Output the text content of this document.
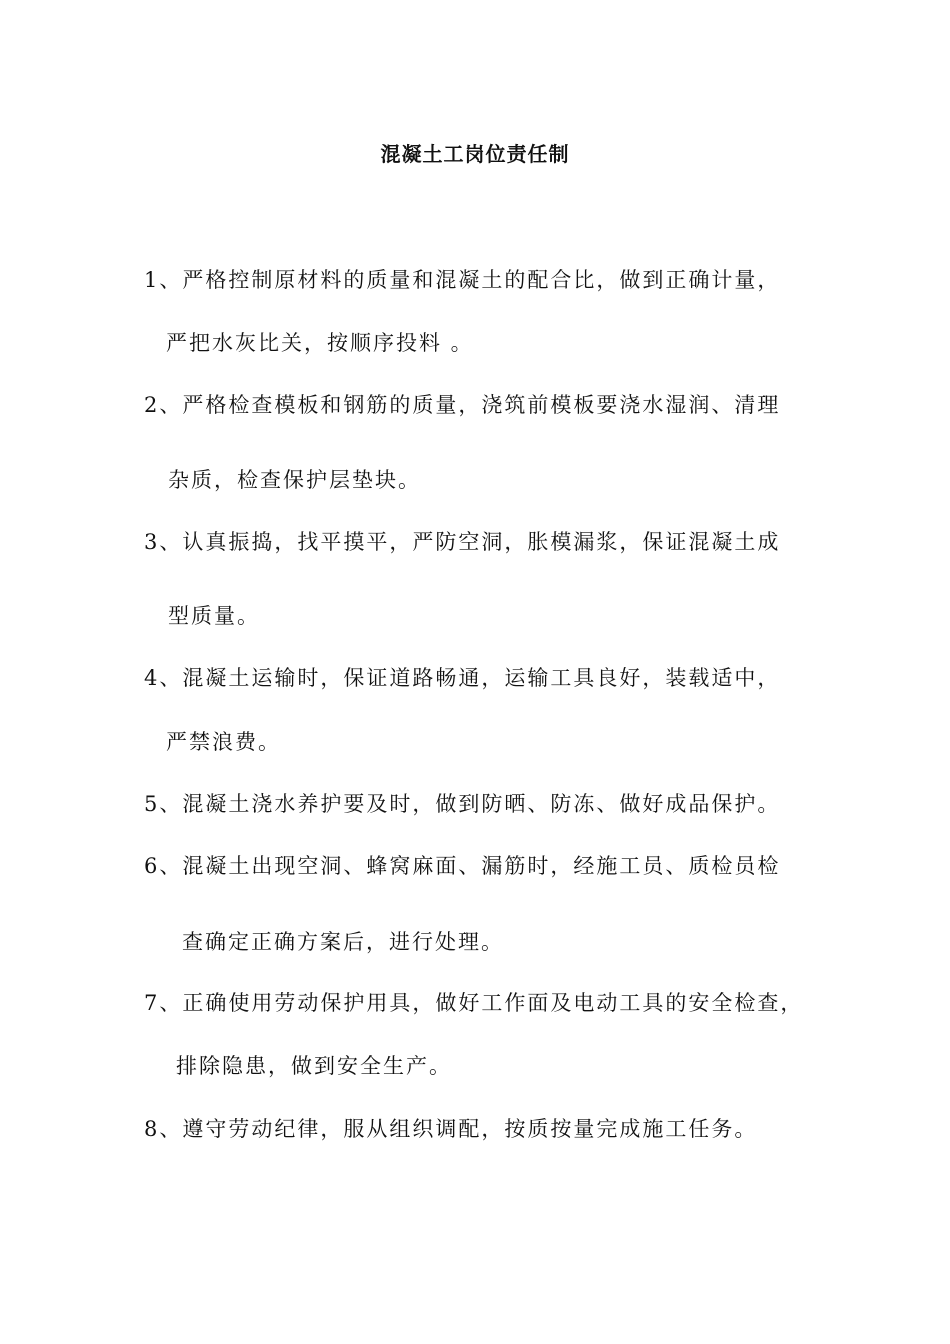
混凝土工岗位责任制
1、严格控制原材料的质量和混凝土的配合比，做到正确计量，
严把水灰比关，按顺序投料 。
2、严格检查模板和钢筋的质量，浇筑前模板要浇水湿润、清理
杂质，检查保护层垫块。
3、认真振捣，找平摸平，严防空洞，胀模漏浆，保证混凝土成
型质量。
4、混凝土运输时，保证道路畅通，运输工具良好，装载适中，
严禁浪费。
5、混凝土浇水养护要及时，做到防晒、防冻、做好成品保护。
6、混凝土出现空洞、蜂窝麻面、漏筋时，经施工员、质检员检
查确定正确方案后，进行处理。
7、正确使用劳动保护用具，做好工作面及电动工具的安全检查，
排除隐患，做到安全生产。
8、遵守劳动纪律，服从组织调配，按质按量完成施工任务。
